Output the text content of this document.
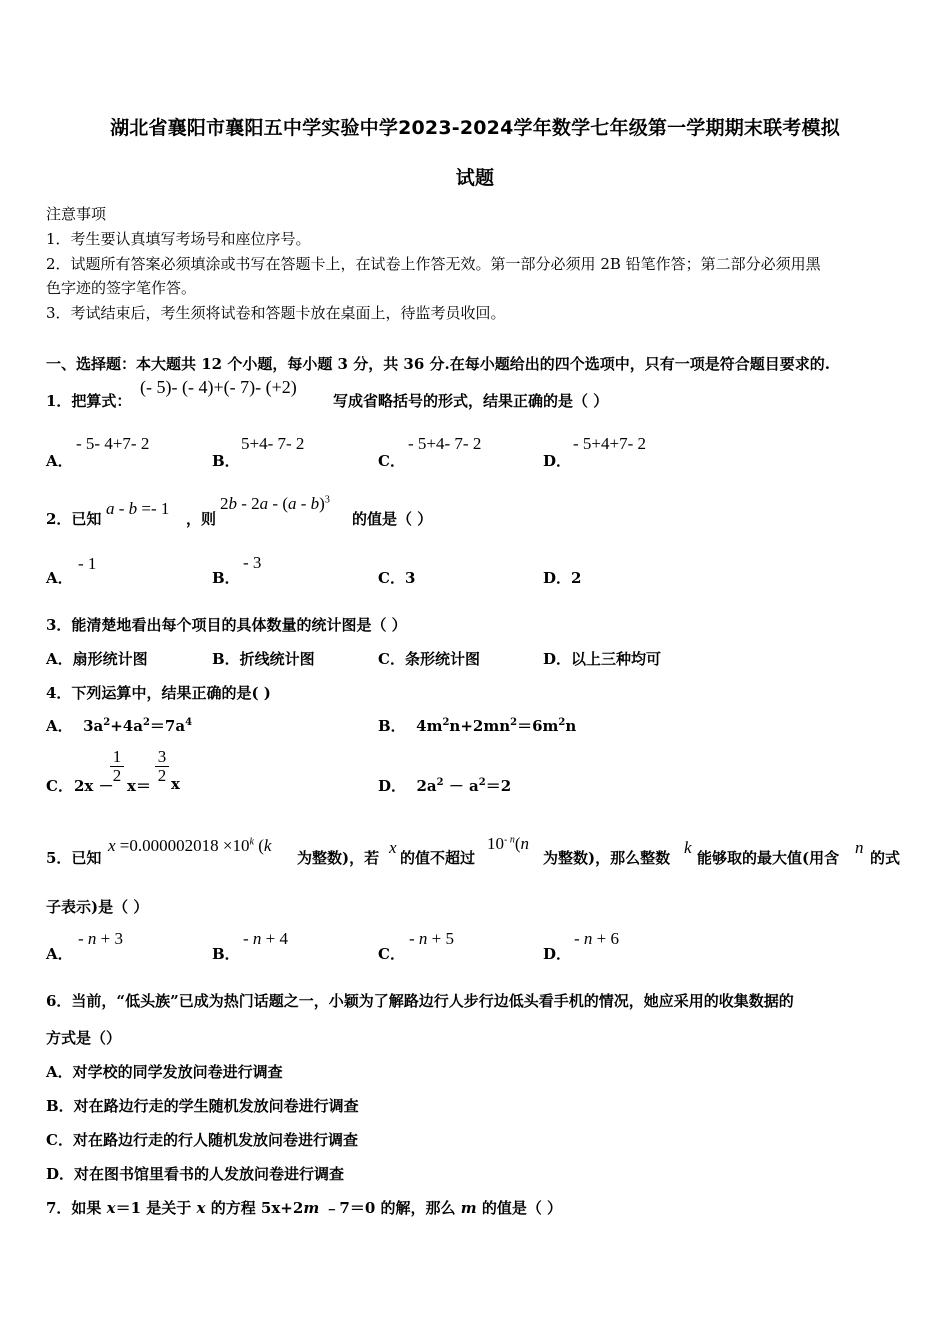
湖北省襄阳市襄阳五中学实验中学2023-2024学年数学七年级第一学期期末联考模拟
试题
注意事项
1．考生要认真填写考场号和座位序号。
2．试题所有答案必须填涂或书写在答题卡上，在试卷上作答无效。第一部分必须用 2B 铅笔作答；第二部分必须用黑
色字迹的签字笔作答。
3．考试结束后，考生须将试卷和答题卡放在桌面上，待监考员收回。
一、选择题：本大题共 12 个小题，每小题 3 分，共 36 分.在每小题给出的四个选项中，只有一项是符合题目要求的.
1．把算式：
(- 5)- (- 4)+(- 7)- (+2)
写成省略括号的形式，结果正确的是（ ）
A．
- 5- 4+7- 2
B．
5+4- 7- 2
C．
- 5+4- 7- 2
D．
- 5+4+7- 2
2．已知
a - b =- 1
，则
2b - 2a - (a - b)$^3$
的值是（ ）
A．
- 1
B．
- 3
C．3	D．2
3．能清楚地看出每个项目的具体数量的统计图是（ ）
A．扇形统计图	B．折线统计图	C．条形统计图	D．以上三种均可
4．下列运算中，结果正确的是( )
A．  $3a^2+4a^2=7a^4$	B．  $4m^2n+2mn^2=6m^2n$
C． 2x －
$\frac{1}{2}$
x＝
$\frac{3}{2}$ x	D．  $2a^2 - a^2=2$
5．已知
$x =0.000002018 \times 10^k$ (k
为整数)，若
x
的值不超过
$10^{- n}(n$
为整数)，那么整数
k
能够取的最大值(用含
n
的式
子表示)是（ ）
A．
- n + 3
B．
- n + 4
C．
- n + 5
D．
- n + 6
6．当前，“低头族”已成为热门话题之一，小颖为了解路边行人步行边低头看手机的情况，她应采用的收集数据的
方式是（）
A．对学校的同学发放问卷进行调查
B．对在路边行走的学生随机发放问卷进行调查
C．对在路边行走的行人随机发放问卷进行调查
D．对在图书馆里看书的人发放问卷进行调查
7．如果 x＝1 是关于 x 的方程 5x+2m ﹣7＝0 的解，那么 m 的值是（ ）
